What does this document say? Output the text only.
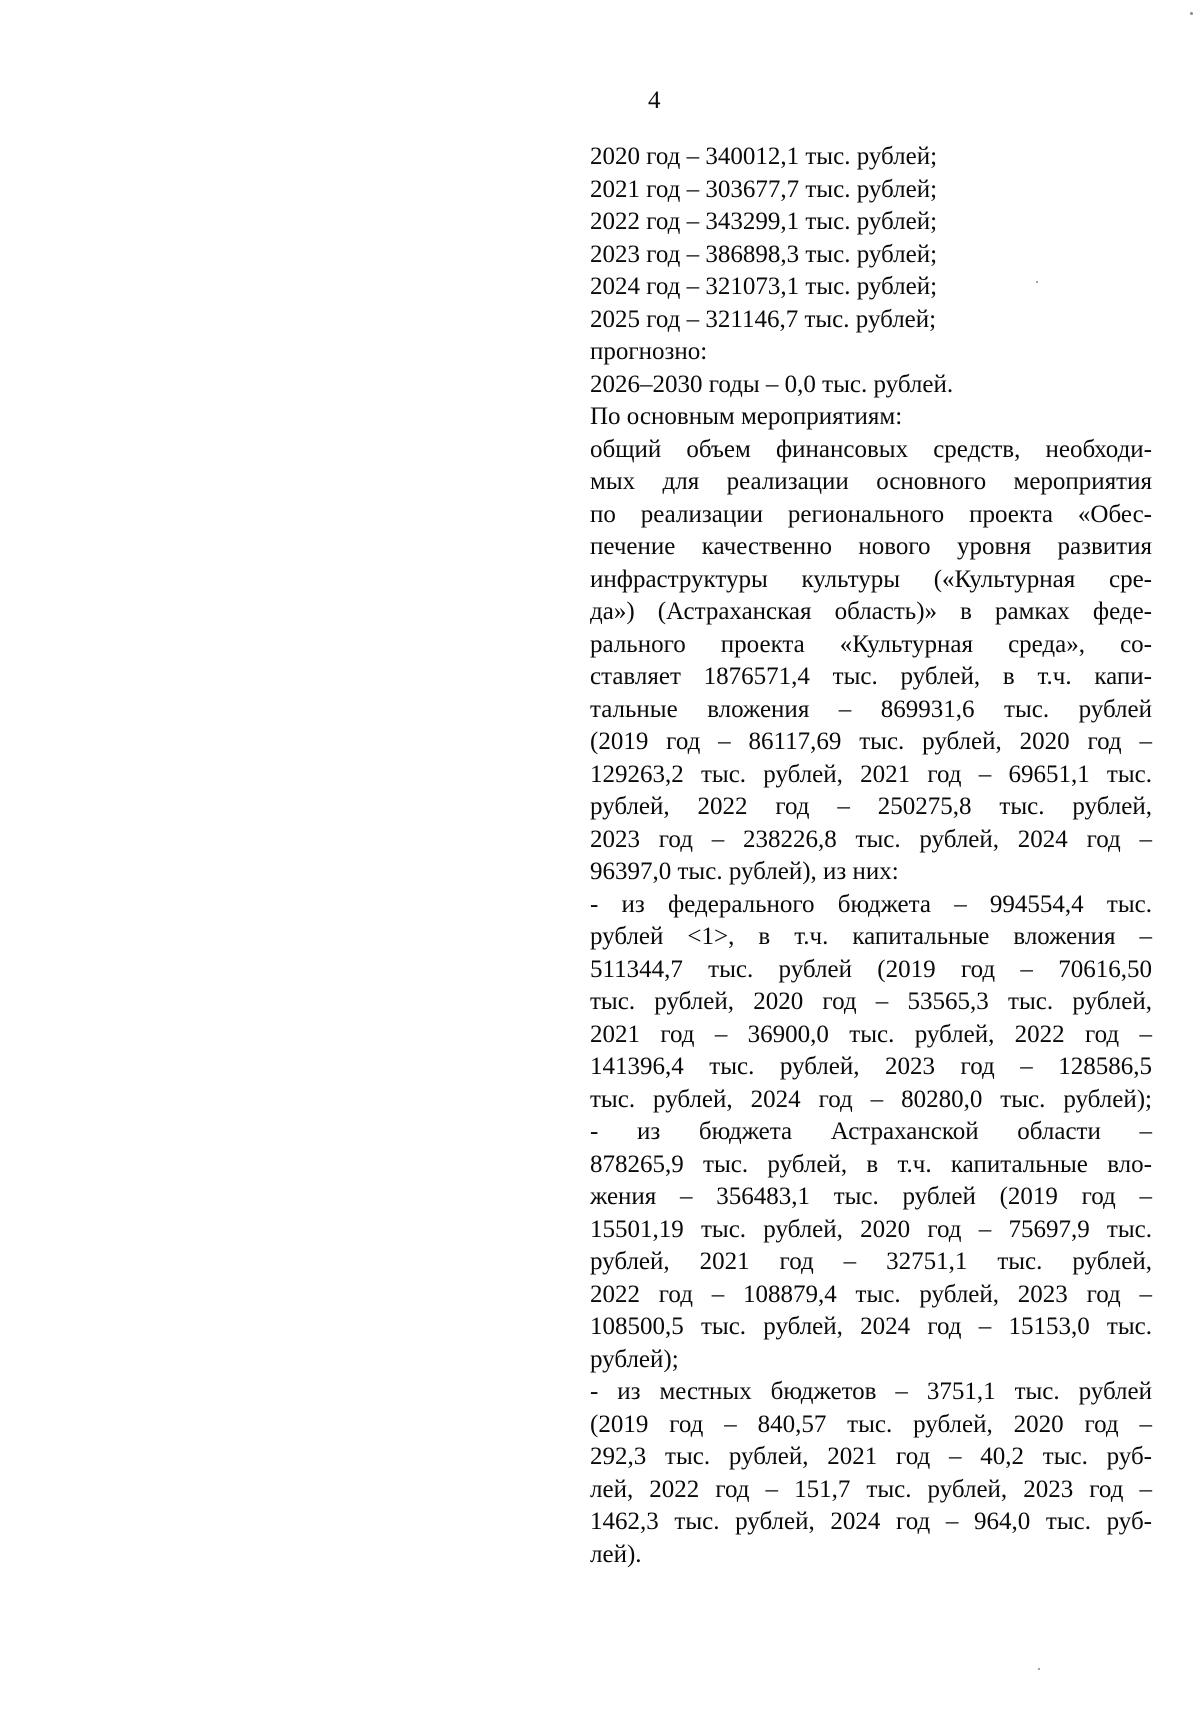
4
2020 год – 340012,1 тыс. рублей;
2021 год – 303677,7 тыс. рублей;
2022 год – 343299,1 тыс. рублей;
2023 год – 386898,3 тыс. рублей;
2024 год – 321073,1 тыс. рублей;
2025 год – 321146,7 тыс. рублей;
прогнозно:
2026–2030 годы – 0,0 тыс. рублей.
По основным мероприятиям:
общий объем финансовых средств, необходи-
мых для реализации основного мероприятия
по реализации регионального проекта «Обес-
печение качественно нового уровня развития
инфраструктуры культуры («Культурная сре-
да») (Астраханская область)» в рамках феде-
рального проекта «Культурная среда», со-
ставляет 1876571,4 тыс. рублей, в т.ч. капи-
тальные вложения – 869931,6 тыс. рублей
(2019 год – 86117,69 тыс. рублей, 2020 год –
129263,2 тыс. рублей, 2021 год – 69651,1 тыс.
рублей, 2022 год – 250275,8 тыс. рублей,
2023 год – 238226,8 тыс. рублей, 2024 год –
96397,0 тыс. рублей), из них:
- из федерального бюджета – 994554,4 тыс.
рублей <1>, в т.ч. капитальные вложения –
511344,7 тыс. рублей (2019 год – 70616,50
тыс. рублей, 2020 год – 53565,3 тыс. рублей,
2021 год – 36900,0 тыс. рублей, 2022 год –
141396,4 тыс. рублей, 2023 год – 128586,5
тыс. рублей, 2024 год – 80280,0 тыс. рублей);
- из бюджета Астраханской области –
878265,9 тыс. рублей, в т.ч. капитальные вло-
жения – 356483,1 тыс. рублей (2019 год –
15501,19 тыс. рублей, 2020 год – 75697,9 тыс.
рублей, 2021 год – 32751,1 тыс. рублей,
2022 год – 108879,4 тыс. рублей, 2023 год –
108500,5 тыс. рублей, 2024 год – 15153,0 тыс.
рублей);
- из местных бюджетов – 3751,1 тыс. рублей
(2019 год – 840,57 тыс. рублей, 2020 год –
292,3 тыс. рублей, 2021 год – 40,2 тыс. руб-
лей, 2022 год – 151,7 тыс. рублей, 2023 год –
1462,3 тыс. рублей, 2024 год – 964,0 тыс. руб-
лей).
